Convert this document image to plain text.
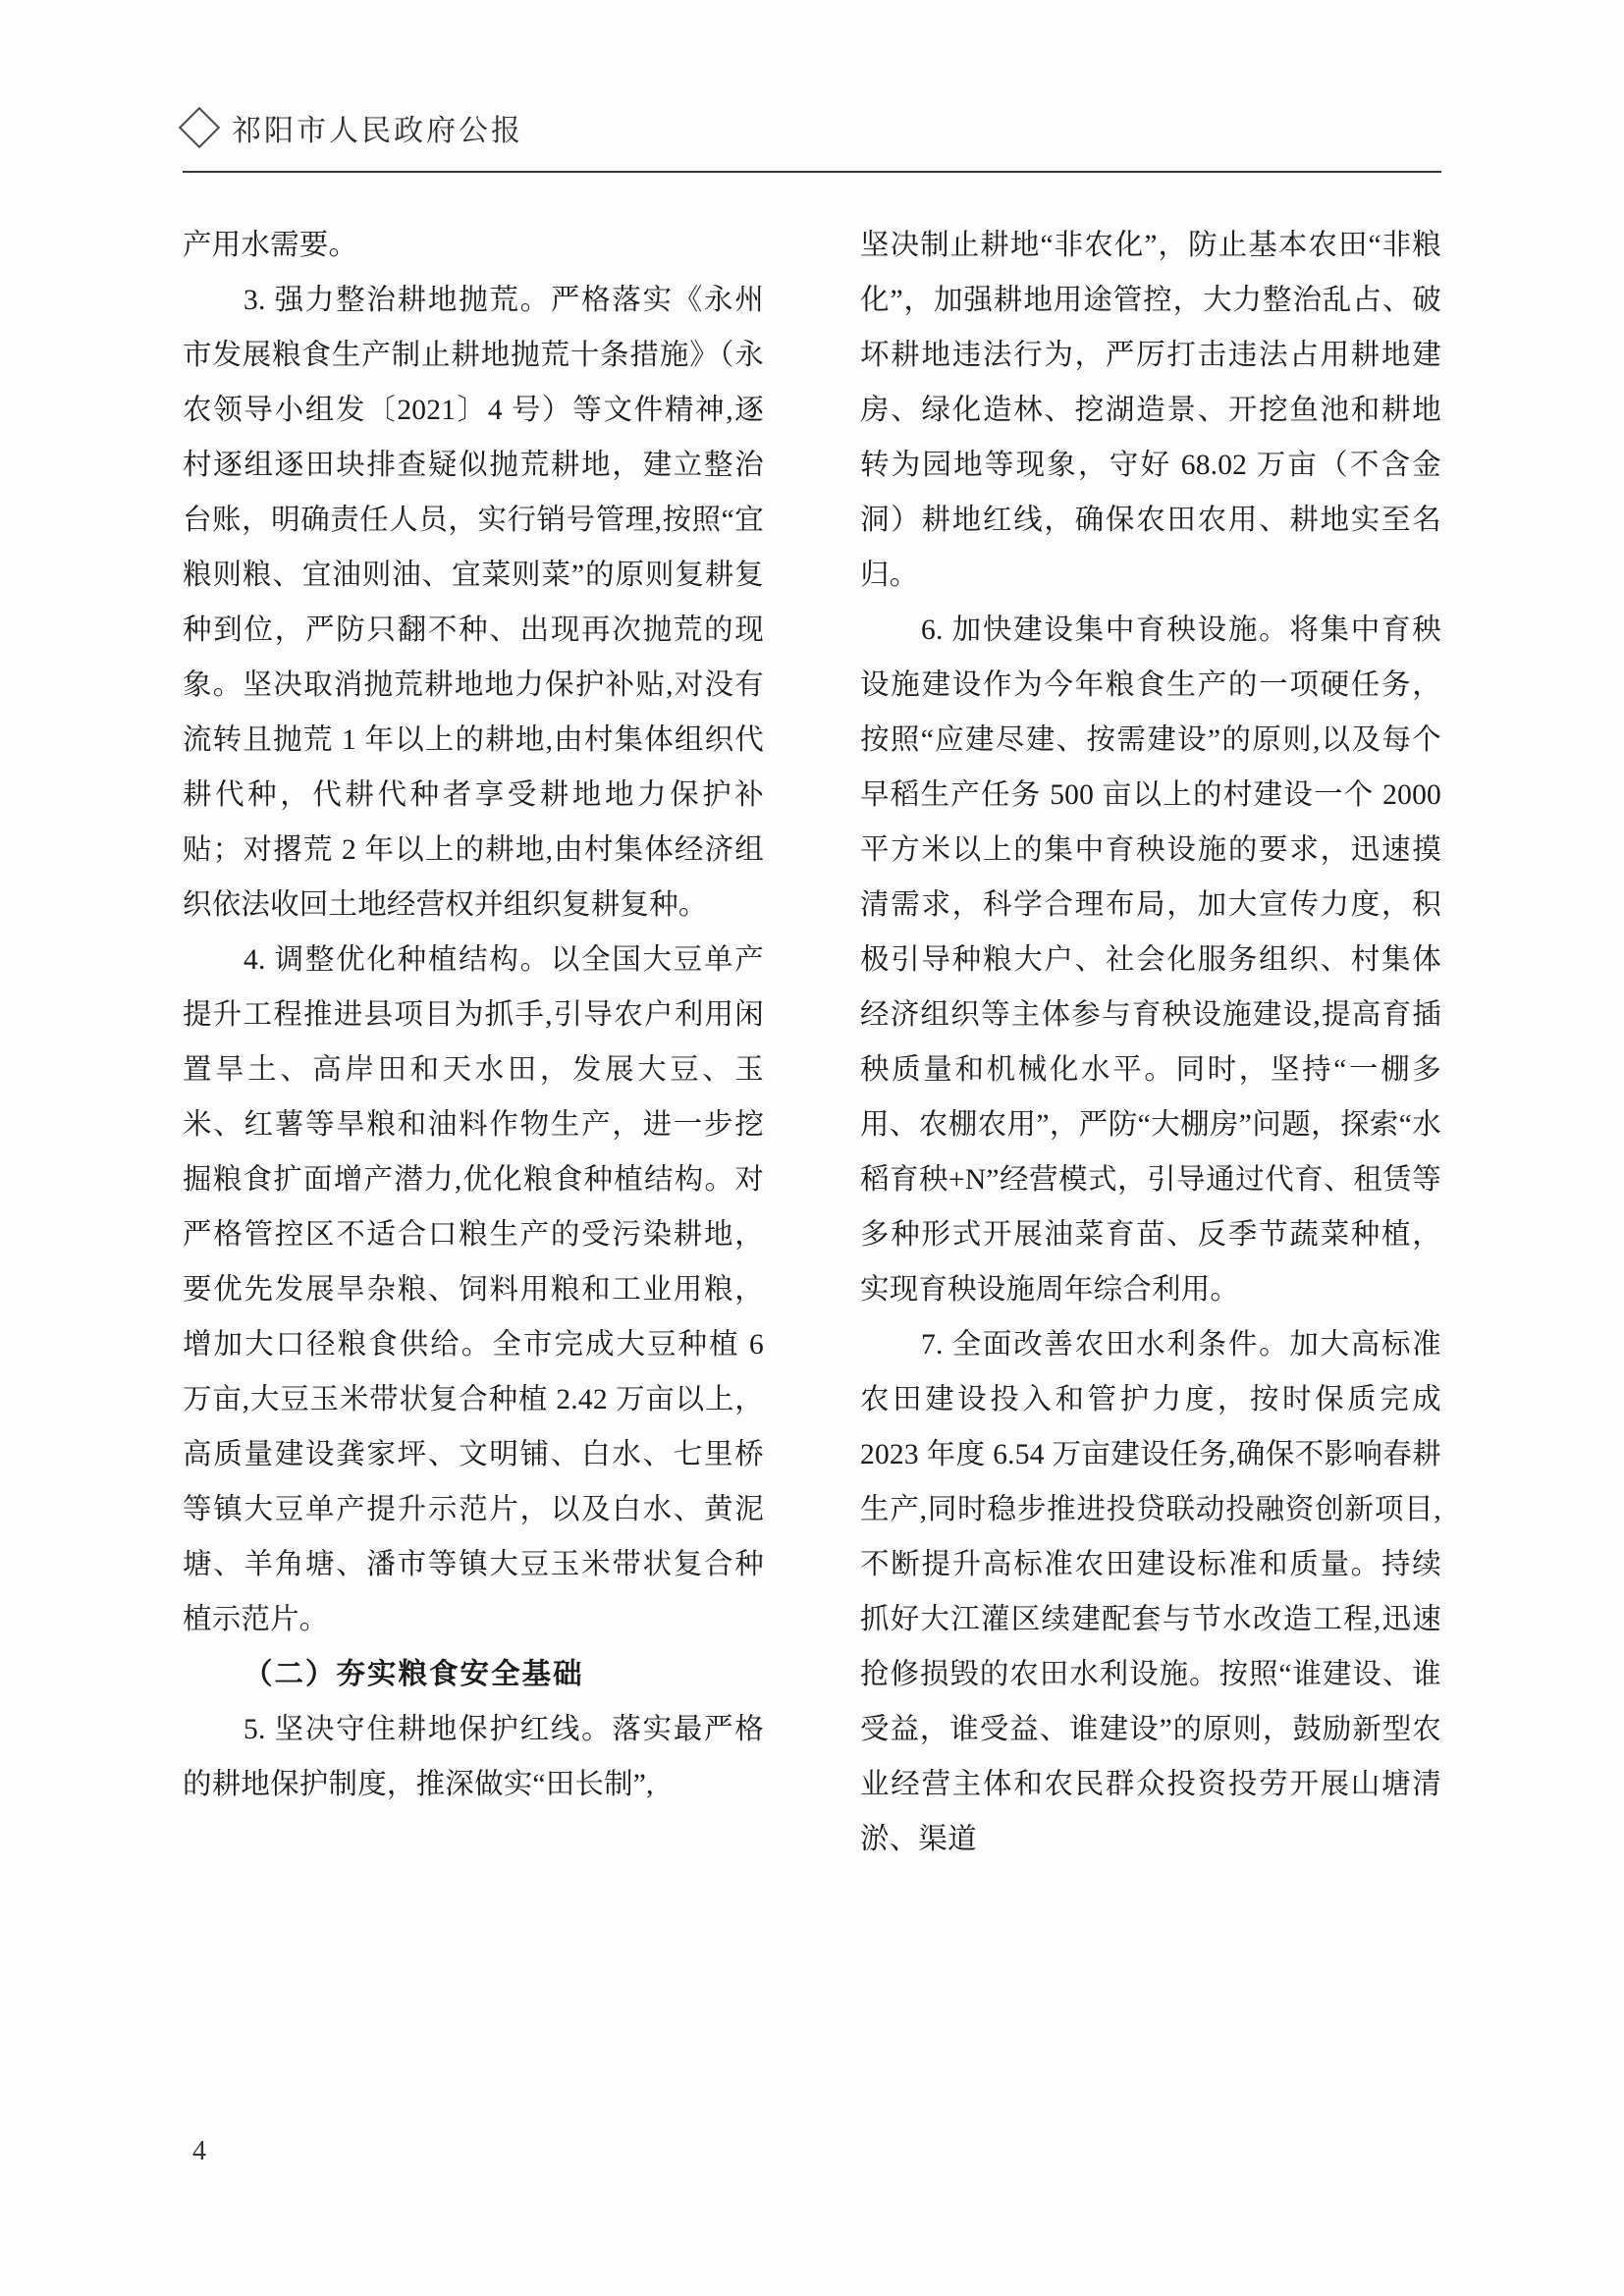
祁阳市人民政府公报

产用水需要。

3. 强力整治耕地抛荒。严格落实《永州市发展粮食生产制止耕地抛荒十条措施》（永农领导小组发〔2021〕4 号）等文件精神,逐村逐组逐田块排查疑似抛荒耕地，建立整治台账，明确责任人员，实行销号管理,按照“宜粮则粮、宜油则油、宜菜则菜”的原则复耕复种到位，严防只翻不种、出现再次抛荒的现象。坚决取消抛荒耕地地力保护补贴,对没有流转且抛荒 1 年以上的耕地,由村集体组织代耕代种，代耕代种者享受耕地地力保护补贴；对撂荒 2 年以上的耕地,由村集体经济组织依法收回土地经营权并组织复耕复种。

4. 调整优化种植结构。以全国大豆单产提升工程推进县项目为抓手,引导农户利用闲置旱土、高岸田和天水田，发展大豆、玉米、红薯等旱粮和油料作物生产，进一步挖掘粮食扩面增产潜力,优化粮食种植结构。对严格管控区不适合口粮生产的受污染耕地，要优先发展旱杂粮、饲料用粮和工业用粮，增加大口径粮食供给。全市完成大豆种植 6 万亩,大豆玉米带状复合种植 2.42 万亩以上，高质量建设龚家坪、文明铺、白水、七里桥等镇大豆单产提升示范片，以及白水、黄泥塘、羊角塘、潘市等镇大豆玉米带状复合种植示范片。

（二）夯实粮食安全基础

5. 坚决守住耕地保护红线。落实最严格的耕地保护制度，推深做实“田长制”,

坚决制止耕地“非农化”，防止基本农田“非粮化”，加强耕地用途管控，大力整治乱占、破坏耕地违法行为，严厉打击违法占用耕地建房、绿化造林、挖湖造景、开挖鱼池和耕地转为园地等现象，守好 68.02 万亩（不含金洞）耕地红线，确保农田农用、耕地实至名归。

6. 加快建设集中育秧设施。将集中育秧设施建设作为今年粮食生产的一项硬任务，按照“应建尽建、按需建设”的原则,以及每个早稻生产任务 500 亩以上的村建设一个 2000 平方米以上的集中育秧设施的要求，迅速摸清需求，科学合理布局，加大宣传力度，积极引导种粮大户、社会化服务组织、村集体经济组织等主体参与育秧设施建设,提高育插秧质量和机械化水平。同时，坚持“一棚多用、农棚农用”，严防“大棚房”问题，探索“水稻育秧+N”经营模式，引导通过代育、租赁等多种形式开展油菜育苗、反季节蔬菜种植，实现育秧设施周年综合利用。

7. 全面改善农田水利条件。加大高标准农田建设投入和管护力度，按时保质完成 2023 年度 6.54 万亩建设任务,确保不影响春耕生产,同时稳步推进投贷联动投融资创新项目,不断提升高标准农田建设标准和质量。持续抓好大江灌区续建配套与节水改造工程,迅速抢修损毁的农田水利设施。按照“谁建设、谁受益，谁受益、谁建设”的原则，鼓励新型农业经营主体和农民群众投资投劳开展山塘清淤、渠道

4
